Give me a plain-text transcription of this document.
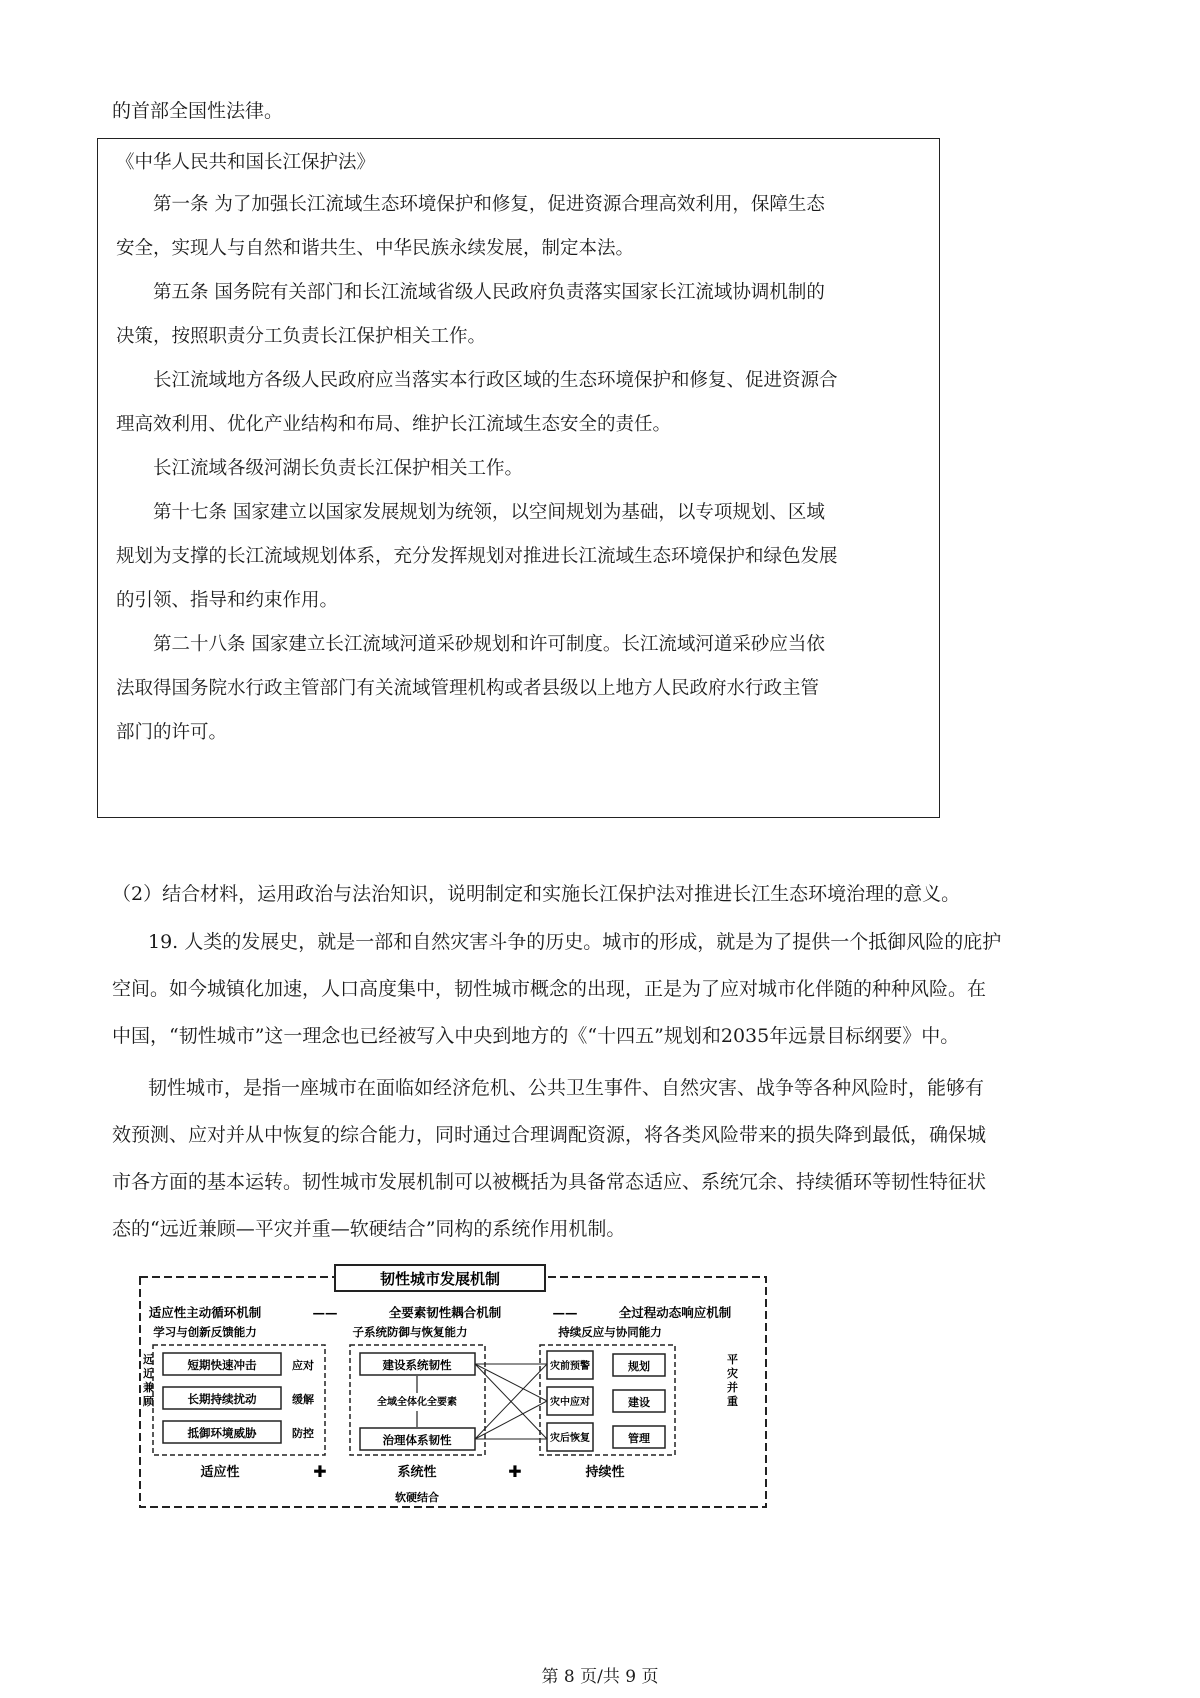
的首部全国性法律。
《中华人民共和国长江保护法》
第一条 为了加强长江流域生态环境保护和修复，促进资源合理高效利用，保障生态
安全，实现人与自然和谐共生、中华民族永续发展，制定本法。
第五条 国务院有关部门和长江流域省级人民政府负责落实国家长江流域协调机制的
决策，按照职责分工负责长江保护相关工作。
长江流域地方各级人民政府应当落实本行政区域的生态环境保护和修复、促进资源合
理高效利用、优化产业结构和布局、维护长江流域生态安全的责任。
长江流域各级河湖长负责长江保护相关工作。
第十七条 国家建立以国家发展规划为统领，以空间规划为基础，以专项规划、区域
规划为支撑的长江流域规划体系，充分发挥规划对推进长江流域生态环境保护和绿色发展
的引领、指导和约束作用。
第二十八条 国家建立长江流域河道采砂规划和许可制度。长江流域河道采砂应当依
法取得国务院水行政主管部门有关流域管理机构或者县级以上地方人民政府水行政主管
部门的许可。
（2）结合材料，运用政治与法治知识，说明制定和实施长江保护法对推进长江生态环境治理的意义。
19. 人类的发展史，就是一部和自然灾害斗争的历史。城市的形成，就是为了提供一个抵御风险的庇护
空间。如今城镇化加速，人口高度集中，韧性城市概念的出现，正是为了应对城市化伴随的种种风险。在
中国，“韧性城市”这一理念也已经被写入中央到地方的《“十四五”规划和2035年远景目标纲要》中。
韧性城市，是指一座城市在面临如经济危机、公共卫生事件、自然灾害、战争等各种风险时，能够有
效预测、应对并从中恢复的综合能力，同时通过合理调配资源，将各类风险带来的损失降到最低，确保城
市各方面的基本运转。韧性城市发展机制可以被概括为具备常态适应、系统冗余、持续循环等韧性特征状
态的“远近兼顾—平灾并重—软硬结合”同构的系统作用机制。
韧性城市发展机制
适应性主动循环机制	——	全要素韧性耦合机制	——	全过程动态响应机制
学习与创新反馈能力	子系统防御与恢复能力	持续反应与协同能力
远近兼顾
平灾并重
短期快速冲击
长期持续扰动
抵御环境威胁
应对
缓解
防控
建设系统韧性
全域全体化全要素
治理体系韧性
灾前预警
灾中应对
灾后恢复
规划
建设
管理
适应性	✚	系统性	✚	持续性
软硬结合
第 8 页/共 9 页
